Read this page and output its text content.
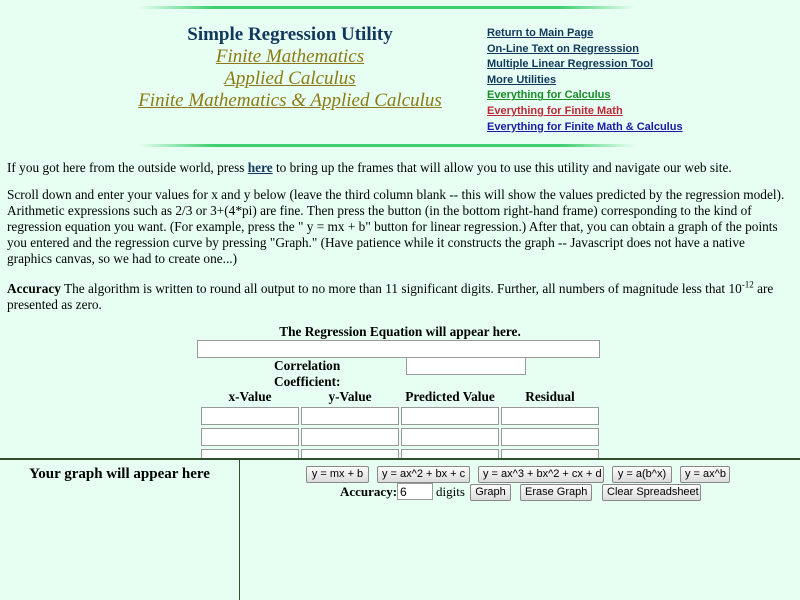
Simple Regression Utility
Finite Mathematics
Applied Calculus
Finite Mathematics & Applied Calculus
Return to Main Page
On-Line Text on Regresssion
Multiple Linear Regression Tool
More Utilities
Everything for Calculus
Everything for Finite Math
Everything for Finite Math & Calculus
If you got here from the outside world, press here to bring up the frames that will allow you to use this utility and navigate our web site.
Scroll down and enter your values for x and y below (leave the third column blank -- this will show the values predicted by the regression model). Arithmetic expressions such as 2/3 or 3+(4*pi) are fine. Then press the button (in the bottom right-hand frame) corresponding to the kind of regression equation you want. (For example, press the " y = mx + b" button for linear regression.) After that, you can obtain a graph of the points you entered and the regression curve by pressing "Graph." (Have patience while it constructs the graph -- Javascript does not have a native graphics canvas, so we had to create one...)
Accuracy The algorithm is written to round all output to no more than 11 significant digits. Further, all numbers of magnitude less that $10^{-12}$ are presented as zero.
The Regression Equation will appear here.
Correlation Coefficient:
x-Value	y-Value	Predicted Value	Residual
Your graph will appear here	y = mx + b	y = ax^2 + bx + c	y = ax^3 + bx^2 + cx + d	y = a(b^x)	y = ax^b
Accuracy:
6	digits Graph	Erase Graph	Clear Spreadsheet
